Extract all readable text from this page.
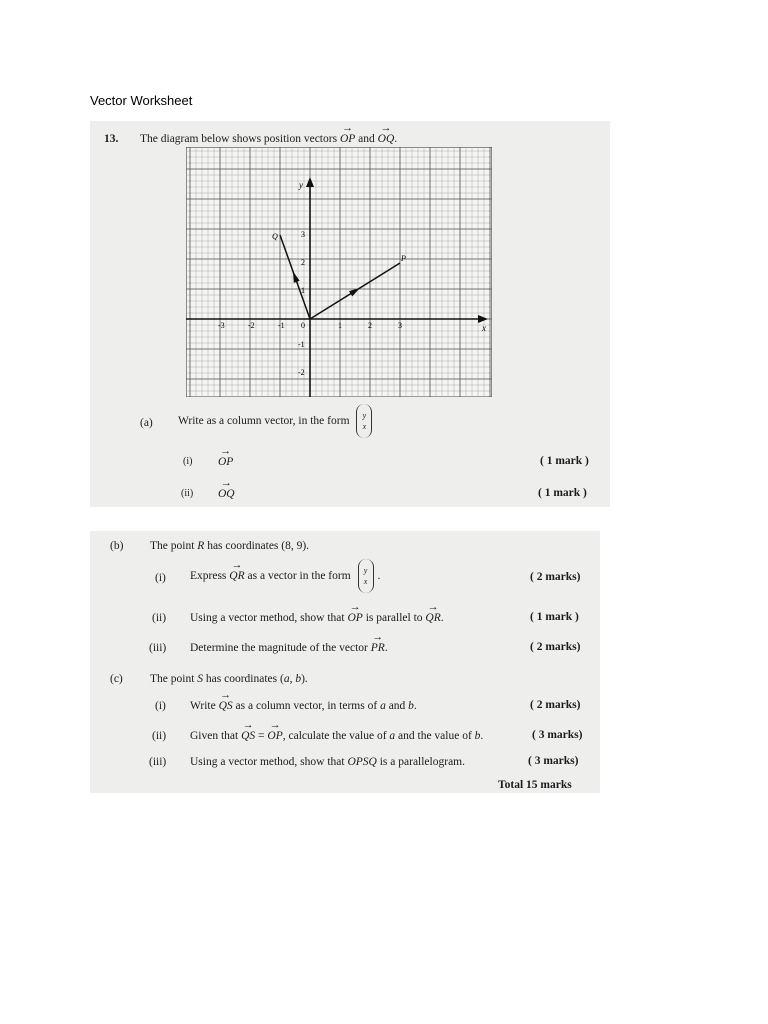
Vector Worksheet
13. The diagram below shows position vectors → OP and → OQ.
x
y
-3	-2	-1 0	1	2	3
3
2
1
-1
-2
P
Q
(a) Write as a column vector, in the form	x
y
(i) → OP	( 1 mark )
(ii) → OQ	( 1 mark )
(b) The point R has coordinates (8, 9).
(i) Express → QR as a vector in the form	x
y .	( 2 marks)
(ii) Using a vector method, show that → OP is parallel to → QR.	( 1 mark )
(iii) Determine the magnitude of the vector → PR.	( 2 marks)
(c) The point S has coordinates (a, b).
(i) Write → QS as a column vector, in terms of a and b.	( 2 marks)
(ii) Given that → QS = → OP, calculate the value of a and the value of b.	( 3 marks)
(iii) Using a vector method, show that OPSQ is a parallelogram.	( 3 marks)
Total 15 marks
